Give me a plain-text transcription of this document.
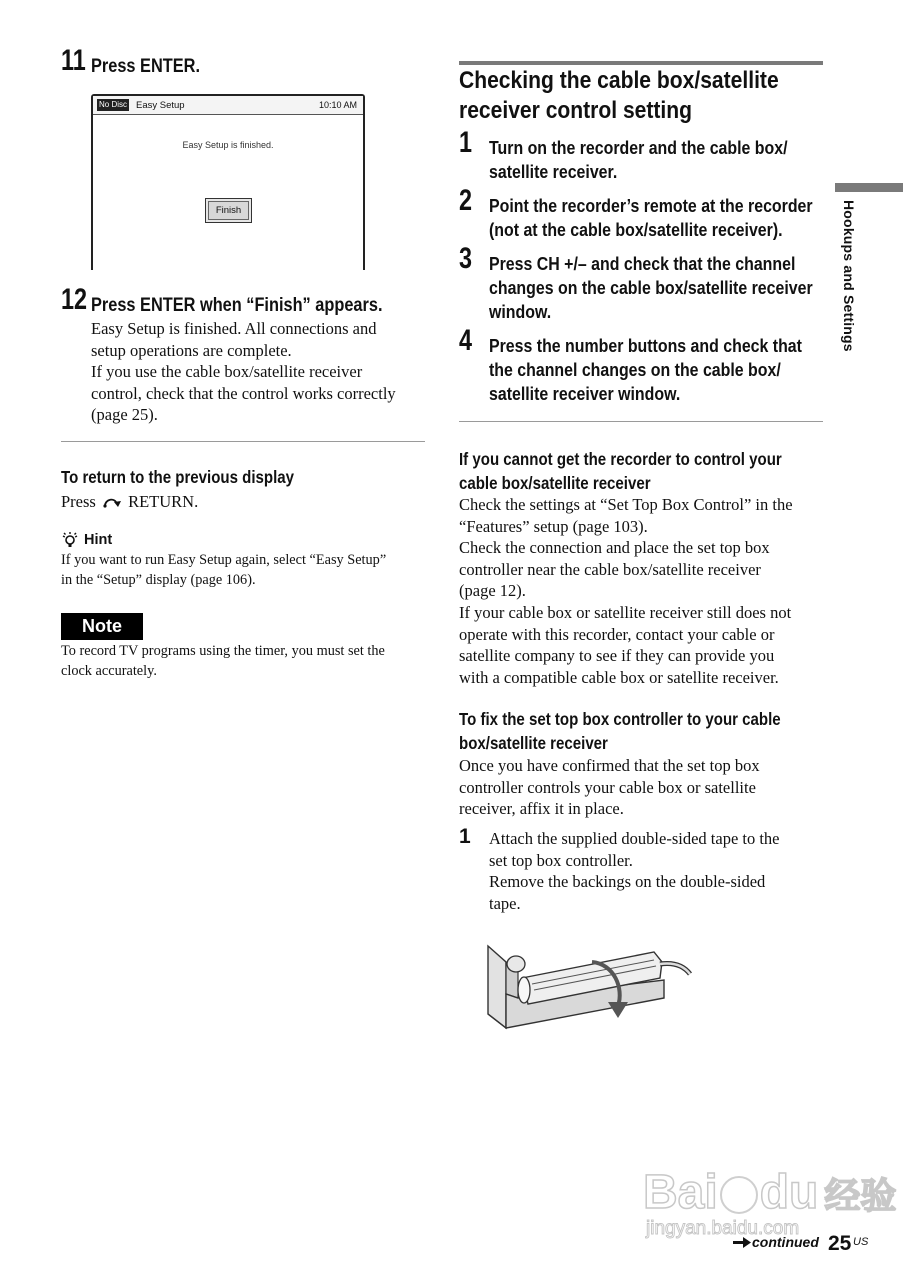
11 Press ENTER.
No Disc Easy Setup	10:10 AM
Easy Setup is finished.
Finish
12 Press ENTER when “Finish” appears.
Easy Setup is finished. All connections and
setup operations are complete.
If you use the cable box/satellite receiver
control, check that the control works correctly
(page 25).
To return to the previous display
Press RETURN.
Hint
If you want to run Easy Setup again, select “Easy Setup”
in the “Setup” display (page 106).
Note
To record TV programs using the timer, you must set the
clock accurately.
Checking the cable box/satellite
receiver control setting
1 Turn on the recorder and the cable box/
satellite receiver.
2 Point the recorder’s remote at the recorder
(not at the cable box/satellite receiver).
3 Press CH +/– and check that the channel
changes on the cable box/satellite receiver
window.
4 Press the number buttons and check that
the channel changes on the cable box/
satellite receiver window.
If you cannot get the recorder to control your
cable box/satellite receiver
Check the settings at “Set Top Box Control” in the
“Features” setup (page 103).
Check the connection and place the set top box
controller near the cable box/satellite receiver
(page 12).
If your cable box or satellite receiver still does not
operate with this recorder, contact your cable or
satellite company to see if they can provide you
with a compatible cable box or satellite receiver.
To fix the set top box controller to your cable
box/satellite receiver
Once you have confirmed that the set top box
controller controls your cable box or satellite
receiver, affix it in place.
1 Attach the supplied double-sided tape to the
set top box controller.
Remove the backings on the double-sided
tape.
Hookups and Settings
Bai du 经验
jingyan.baidu.com
continued 25 US
